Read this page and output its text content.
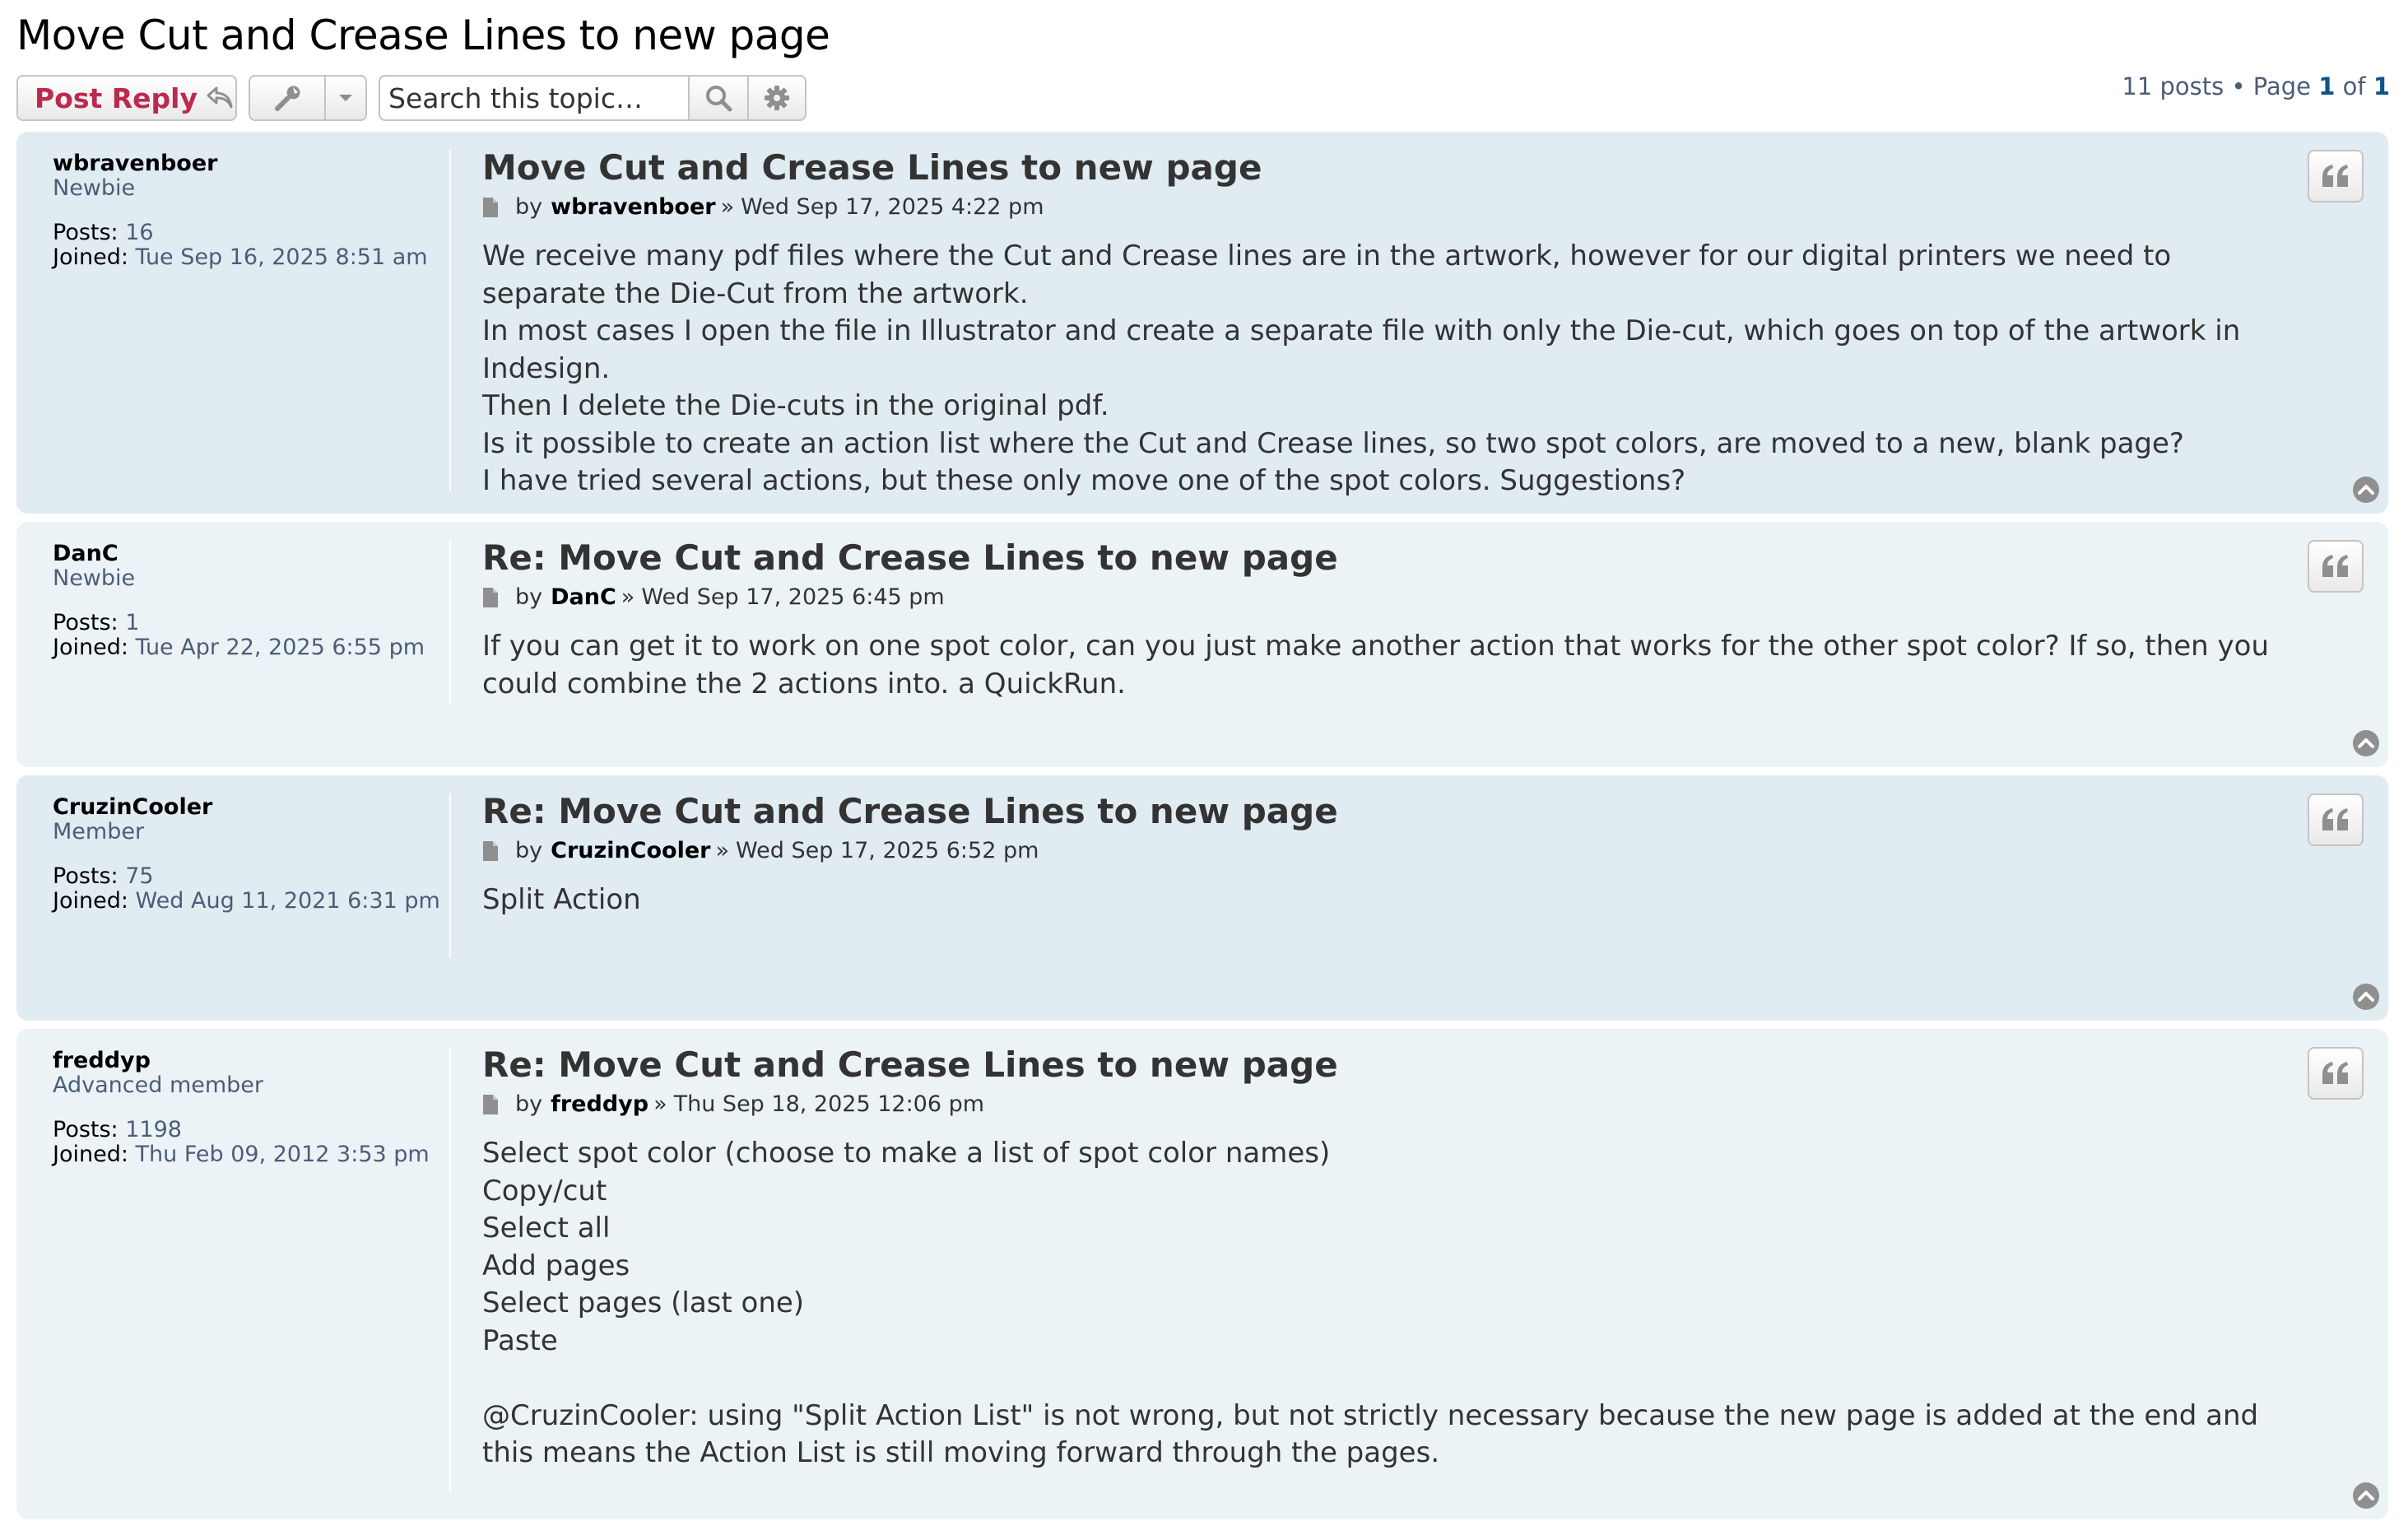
Move Cut and Crease Lines to new page
Post Reply
Search this topic…	11 posts • Page 1 of 1
wbravenboer
Newbie
Posts: 16
Joined: Tue Sep 16, 2025 8:51 am
Move Cut and Crease Lines to new page
by wbravenboer » Wed Sep 17, 2025 4:22 pm

We receive many pdf files where the Cut and Crease lines are in the artwork, however for our digital printers we need to separate the Die-Cut from the artwork.

In most cases I open the file in Illustrator and create a separate file with only the Die-cut, which goes on top of the artwork in Indesign.

Then I delete the Die-cuts in the original pdf.

Is it possible to create an action list where the Cut and Crease lines, so two spot colors, are moved to a new, blank page?

I have tried several actions, but these only move one of the spot colors. Suggestions?

DanC
Newbie
Posts: 1
Joined: Tue Apr 22, 2025 6:55 pm
Re: Move Cut and Crease Lines to new page
by DanC » Wed Sep 17, 2025 6:45 pm

If you can get it to work on one spot color, can you just make another action that works for the other spot color? If so, then you could combine the 2 actions into. a QuickRun.

CruzinCooler
Member
Posts: 75
Joined: Wed Aug 11, 2021 6:31 pm
Re: Move Cut and Crease Lines to new page
by CruzinCooler » Wed Sep 17, 2025 6:52 pm

Split Action

freddyp
Advanced member
Posts: 1198
Joined: Thu Feb 09, 2012 3:53 pm
Re: Move Cut and Crease Lines to new page
by freddyp » Thu Sep 18, 2025 12:06 pm

Select spot color (choose to make a list of spot color names)

Copy/cut

Select all

Add pages

Select pages (last one)

Paste

@CruzinCooler: using "Split Action List" is not wrong, but not strictly necessary because the new page is added at the end and this means the Action List is still moving forward through the pages.
